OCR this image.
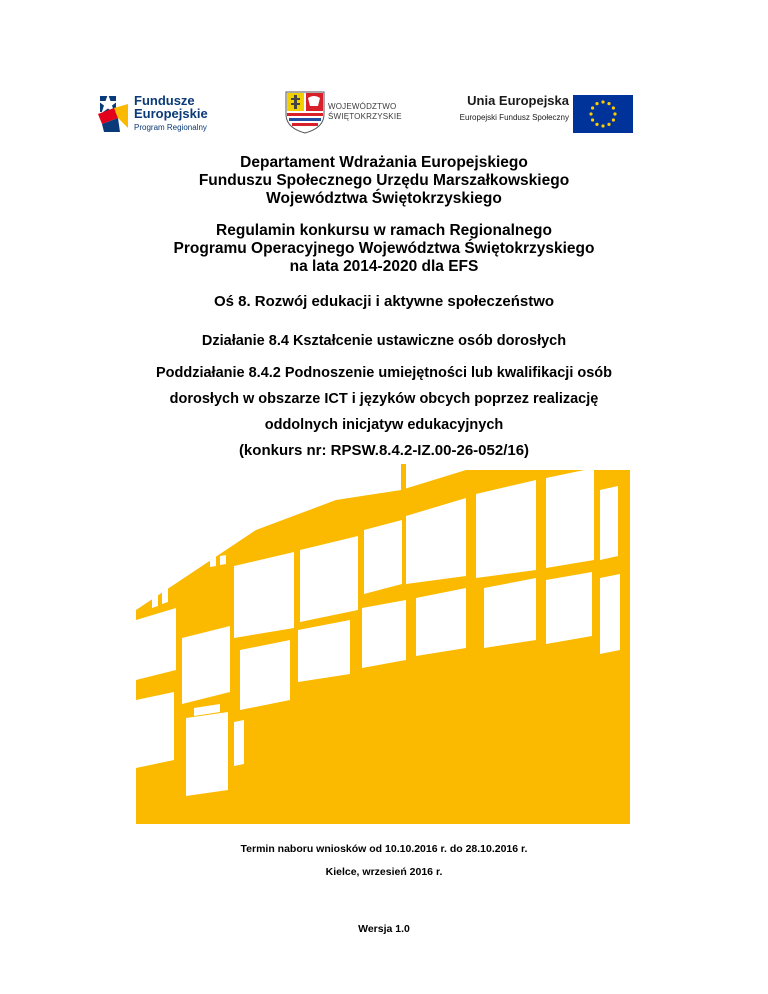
Fundusze
Europejskie
Program Regionalny
WOJEWÓDZTWO
ŚWIĘTOKRZYSKIE
Unia Europejska
Europejski Fundusz Społeczny
Departament Wdrażania Europejskiego
Funduszu Społecznego Urzędu Marszałkowskiego
Województwa Świętokrzyskiego
Regulamin konkursu w ramach Regionalnego
Programu Operacyjnego Województwa Świętokrzyskiego
na lata 2014-2020 dla EFS
Oś 8. Rozwój edukacji i aktywne społeczeństwo
Działanie 8.4 Kształcenie ustawiczne osób dorosłych
Poddziałanie 8.4.2 Podnoszenie umiejętności lub kwalifikacji osób
dorosłych w obszarze ICT i języków obcych poprzez realizację
oddolnych inicjatyw edukacyjnych
(konkurs nr: RPSW.8.4.2-IZ.00-26-052/16)
Termin naboru wniosków od 10.10.2016 r. do 28.10.2016 r.
Kielce, wrzesień 2016 r.
Wersja 1.0
